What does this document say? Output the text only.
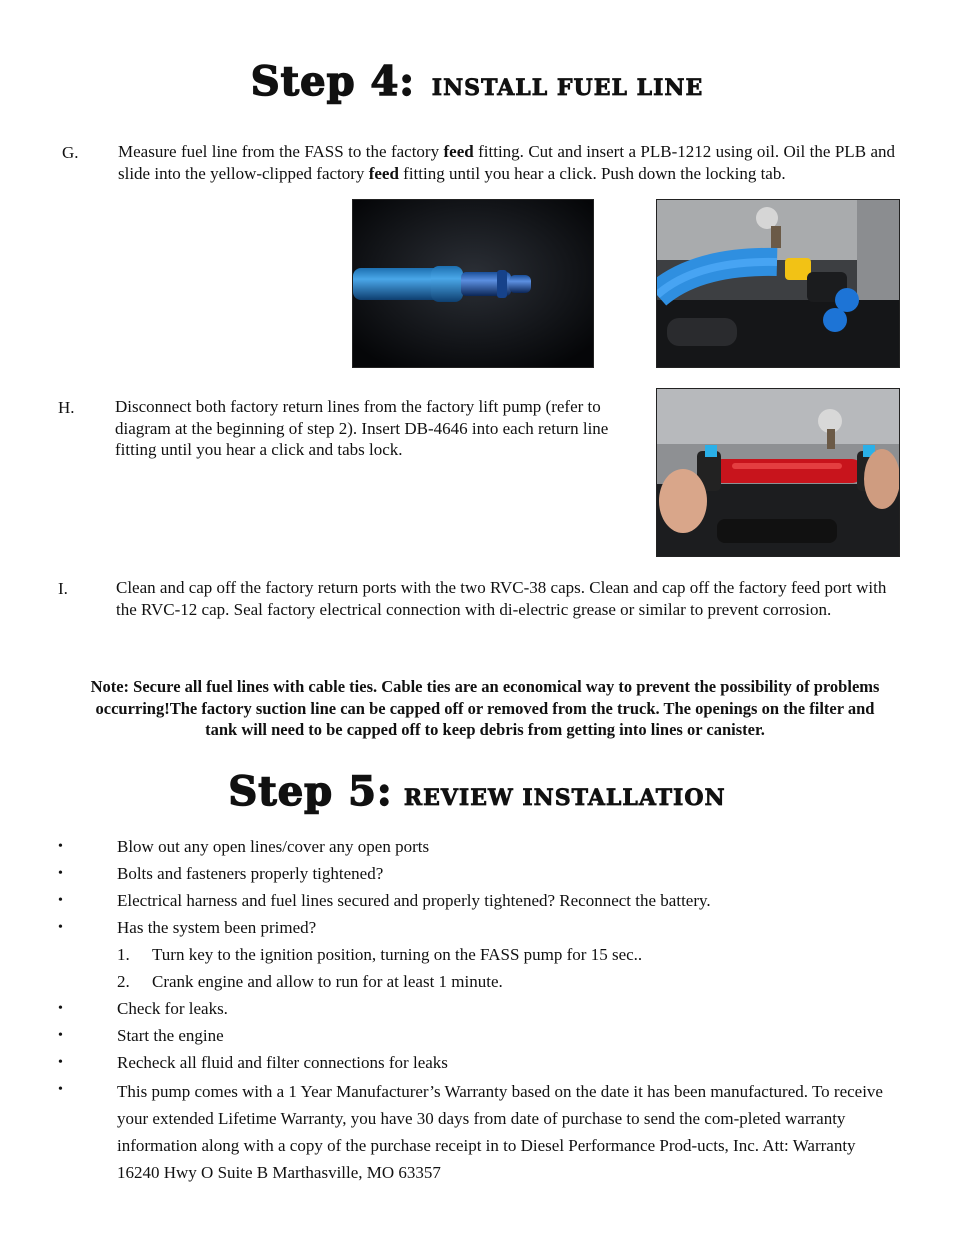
Step 4: INSTALL FUEL LINE
G. Measure fuel line from the FASS to the factory feed fitting. Cut and insert a PLB-1212 using oil. Oil the PLB and slide into the yellow-clipped factory feed fitting until you hear a click. Push down the locking tab.
H. Disconnect both factory return lines from the factory lift pump (refer to diagram at the beginning of step 2). Insert DB-4646 into each return line fitting until you hear a click and tabs lock.
I.	Clean and cap off the factory return ports with the two RVC-38 caps. Clean and cap off the factory feed port with the RVC-12 cap. Seal factory electrical connection with di-electric grease or similar to prevent corrosion.
Note: Secure all fuel lines with cable ties. Cable ties are an economical way to prevent the possibility of problems occurring!The factory suction line can be capped off or removed from the truck. The openings on the filter and tank will need to be capped off to keep debris from getting into lines or canister.
Step 5: REVIEW INSTALLATION
•	Blow out any open lines/cover any open ports
•	Bolts and fasteners properly tightened?
•	Electrical harness and fuel lines secured and properly tightened? Reconnect the battery.
•	Has the system been primed?
1. Turn key to the ignition position, turning on the FASS pump for 15 sec..
2. Crank engine and allow to run for at least 1 minute.
•	Check for leaks.
•	Start the engine
•	Recheck all fluid and filter connections for leaks
•	This pump comes with a 1 Year Manufacturer’s Warranty based on the date it has been manufactured. To receive your extended Lifetime Warranty, you have 30 days from date of purchase to send the com-pleted warranty information along with a copy of the purchase receipt in to Diesel Performance Prod-ucts, Inc. Att: Warranty 16240 Hwy O Suite B Marthasville, MO 63357
